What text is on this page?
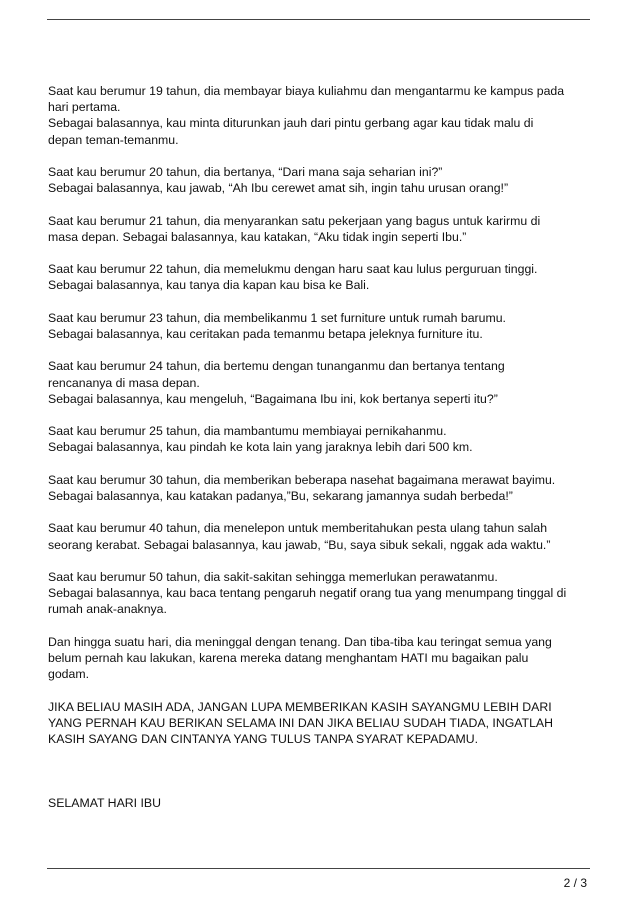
Saat kau berumur 19 tahun, dia membayar biaya kuliahmu dan mengantarmu ke kampus pada
hari pertama.
Sebagai balasannya, kau minta diturunkan jauh dari pintu gerbang agar kau tidak malu di
depan teman-temanmu.
Saat kau berumur 20 tahun, dia bertanya, “Dari mana saja seharian ini?”
Sebagai balasannya, kau jawab, “Ah Ibu cerewet amat sih, ingin tahu urusan orang!”
Saat kau berumur 21 tahun, dia menyarankan satu pekerjaan yang bagus untuk karirmu di
masa depan. Sebagai balasannya, kau katakan, “Aku tidak ingin seperti Ibu.”
Saat kau berumur 22 tahun, dia memelukmu dengan haru saat kau lulus perguruan tinggi.
Sebagai balasannya, kau tanya dia kapan kau bisa ke Bali.
Saat kau berumur 23 tahun, dia membelikanmu 1 set furniture untuk rumah barumu.
Sebagai balasannya, kau ceritakan pada temanmu betapa jeleknya furniture itu.
Saat kau berumur 24 tahun, dia bertemu dengan tunanganmu dan bertanya tentang
rencananya di masa depan.
Sebagai balasannya, kau mengeluh, “Bagaimana Ibu ini, kok bertanya seperti itu?”
Saat kau berumur 25 tahun, dia mambantumu membiayai pernikahanmu.
Sebagai balasannya, kau pindah ke kota lain yang jaraknya lebih dari 500 km.
Saat kau berumur 30 tahun, dia memberikan beberapa nasehat bagaimana merawat bayimu.
Sebagai balasannya, kau katakan padanya,”Bu, sekarang jamannya sudah berbeda!”
Saat kau berumur 40 tahun, dia menelepon untuk memberitahukan pesta ulang tahun salah
seorang kerabat. Sebagai balasannya, kau jawab, “Bu, saya sibuk sekali, nggak ada waktu.”
Saat kau berumur 50 tahun, dia sakit-sakitan sehingga memerlukan perawatanmu.
Sebagai balasannya, kau baca tentang pengaruh negatif orang tua yang menumpang tinggal di
rumah anak-anaknya.
Dan hingga suatu hari, dia meninggal dengan tenang. Dan tiba-tiba kau teringat semua yang
belum pernah kau lakukan, karena mereka datang menghantam HATI mu bagaikan palu
godam.
JIKA BELIAU MASIH ADA, JANGAN LUPA MEMBERIKAN KASIH SAYANGMU LEBIH DARI
YANG PERNAH KAU BERIKAN SELAMA INI DAN JIKA BELIAU SUDAH TIADA, INGATLAH
KASIH SAYANG DAN CINTANYA YANG TULUS TANPA SYARAT KEPADAMU.
SELAMAT HARI IBU
2 / 3
